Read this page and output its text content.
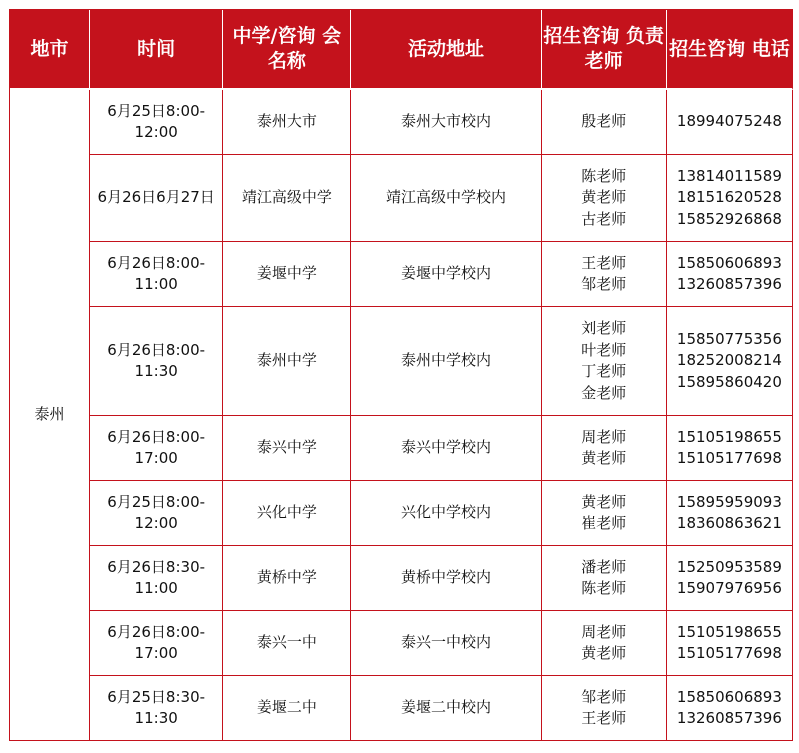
地市	时间	中学/咨询 会名称	活动地址	招生咨询 负责老师	招生咨询 电话

泰州	6月25日8:00-
12:00	泰州大市	泰州大市校内	殷老师	18994075248

	6月26日6月27日	靖江高级中学	靖江高级中学校内	陈老师
黄老师
古老师	13814011589
18151620528
15852926868

	6月26日8:00-
11:00	姜堰中学	姜堰中学校内	王老师
邹老师	15850606893
13260857396

	6月26日8:00-
11:30	泰州中学	泰州中学校内	刘老师
叶老师
丁老师
金老师	15850775356
18252008214
15895860420

	6月26日8:00-
17:00	泰兴中学	泰兴中学校内	周老师
黄老师	15105198655
15105177698

	6月25日8:00-
12:00	兴化中学	兴化中学校内	黄老师
崔老师	15895959093
18360863621

	6月26日8:30-
11:00	黄桥中学	黄桥中学校内	潘老师
陈老师	15250953589
15907976956

	6月26日8:00-
17:00	泰兴一中	泰兴一中校内	周老师
黄老师	15105198655
15105177698

	6月25日8:30-
11:30	姜堰二中	姜堰二中校内	邹老师
王老师	15850606893
13260857396
